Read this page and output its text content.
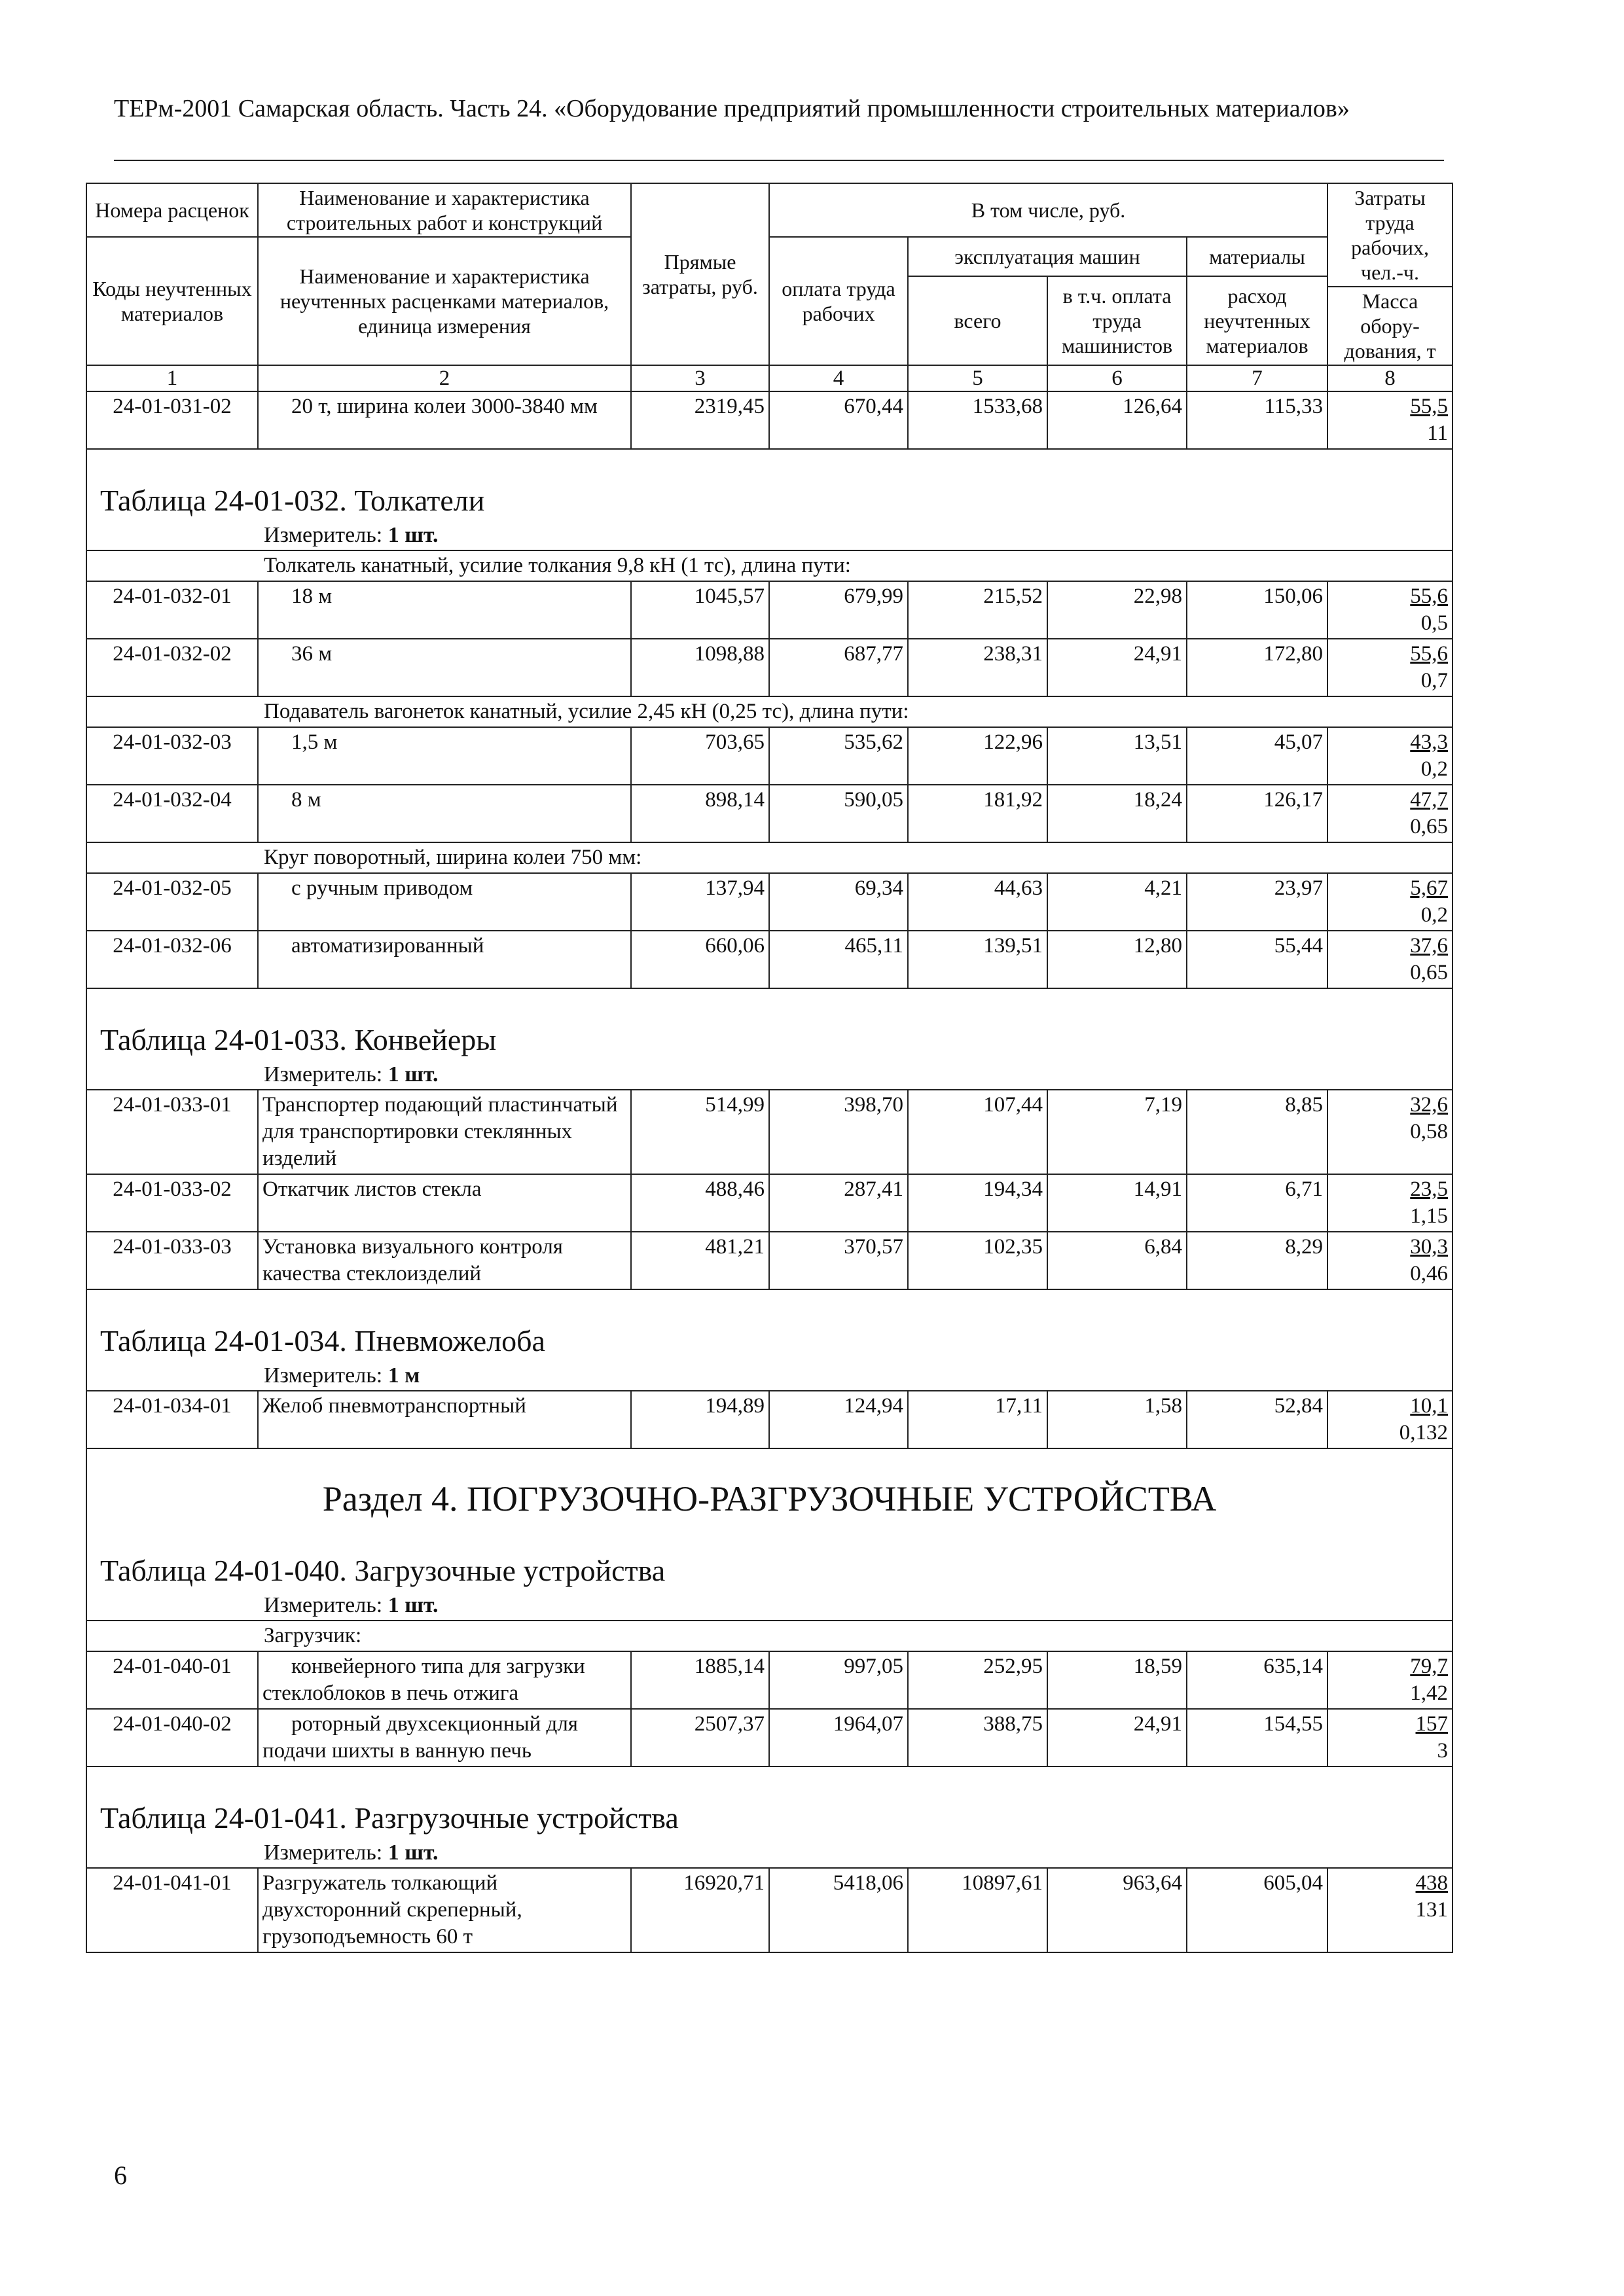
ТЕРм-2001 Самарская область. Часть 24. «Оборудование предприятий промышленности строительных материалов»
Номера расценок	Наименование и характеристика строительных работ и конструкций	Прямые затраты, руб.	В том числе, руб.				Затраты труда рабочих, чел.-ч.
Коды неучтенных материалов	Наименование и характеристика неучтенных расценками материалов, единица измерения		оплата труда рабочих	эксплуатация машин		материалы	
				всего	в т.ч. оплата труда машинистов	расход неучтенных материалов	
							Масса обору-дования, т
1	2	3	4	5	6	7	8
24-01-031-02	20 т, ширина колеи 3000-3840 мм	2319,45	670,44	1533,68	126,64	115,33	55,5
11
Таблица 24-01-032. Толкатели							
Измеритель: 1 шт.							
Толкатель канатный, усилие толкания 9,8 кН (1 тс), длина пути:							
24-01-032-01	18 м	1045,57	679,99	215,52	22,98	150,06	55,6
0,5
24-01-032-02	36 м	1098,88	687,77	238,31	24,91	172,80	55,6
0,7
Подаватель вагонеток канатный, усилие 2,45 кН (0,25 тс), длина пути:							
24-01-032-03	1,5 м	703,65	535,62	122,96	13,51	45,07	43,3
0,2
24-01-032-04	8 м	898,14	590,05	181,92	18,24	126,17	47,7
0,65
Круг поворотный, ширина колеи 750 мм:							
24-01-032-05	с ручным приводом	137,94	69,34	44,63	4,21	23,97	5,67
0,2
24-01-032-06	автоматизированный	660,06	465,11	139,51	12,80	55,44	37,6
0,65
Таблица 24-01-033. Конвейеры							
Измеритель: 1 шт.							
24-01-033-01	Транспортер подающий пластинчатый для транспортировки стеклянных изделий	514,99	398,70	107,44	7,19	8,85	32,6
0,58
24-01-033-02	Откатчик листов стекла	488,46	287,41	194,34	14,91	6,71	23,5
1,15
24-01-033-03	Установка визуального контроля качества стеклоизделий	481,21	370,57	102,35	6,84	8,29	30,3
0,46
Таблица 24-01-034. Пневможелоба							
Измеритель: 1 м							
24-01-034-01	Желоб пневмотранспортный	194,89	124,94	17,11	1,58	52,84	10,1
0,132
Раздел 4. ПОГРУЗОЧНО-РАЗГРУЗОЧНЫЕ УСТРОЙСТВА							
Таблица 24-01-040. Загрузочные устройства							
Измеритель: 1 шт.							
Загрузчик:							
24-01-040-01	конвейерного типа для загрузки стеклоблоков в печь отжига	1885,14	997,05	252,95	18,59	635,14	79,7
1,42
24-01-040-02	роторный двухсекционный для подачи шихты в ванную печь	2507,37	1964,07	388,75	24,91	154,55	157
3
Таблица 24-01-041. Разгрузочные устройства							
Измеритель: 1 шт.							
24-01-041-01	Разгружатель толкающий двухсторонний скреперный, грузоподъемность 60 т	16920,71	5418,06	10897,61	963,64	605,04	438
131
6
